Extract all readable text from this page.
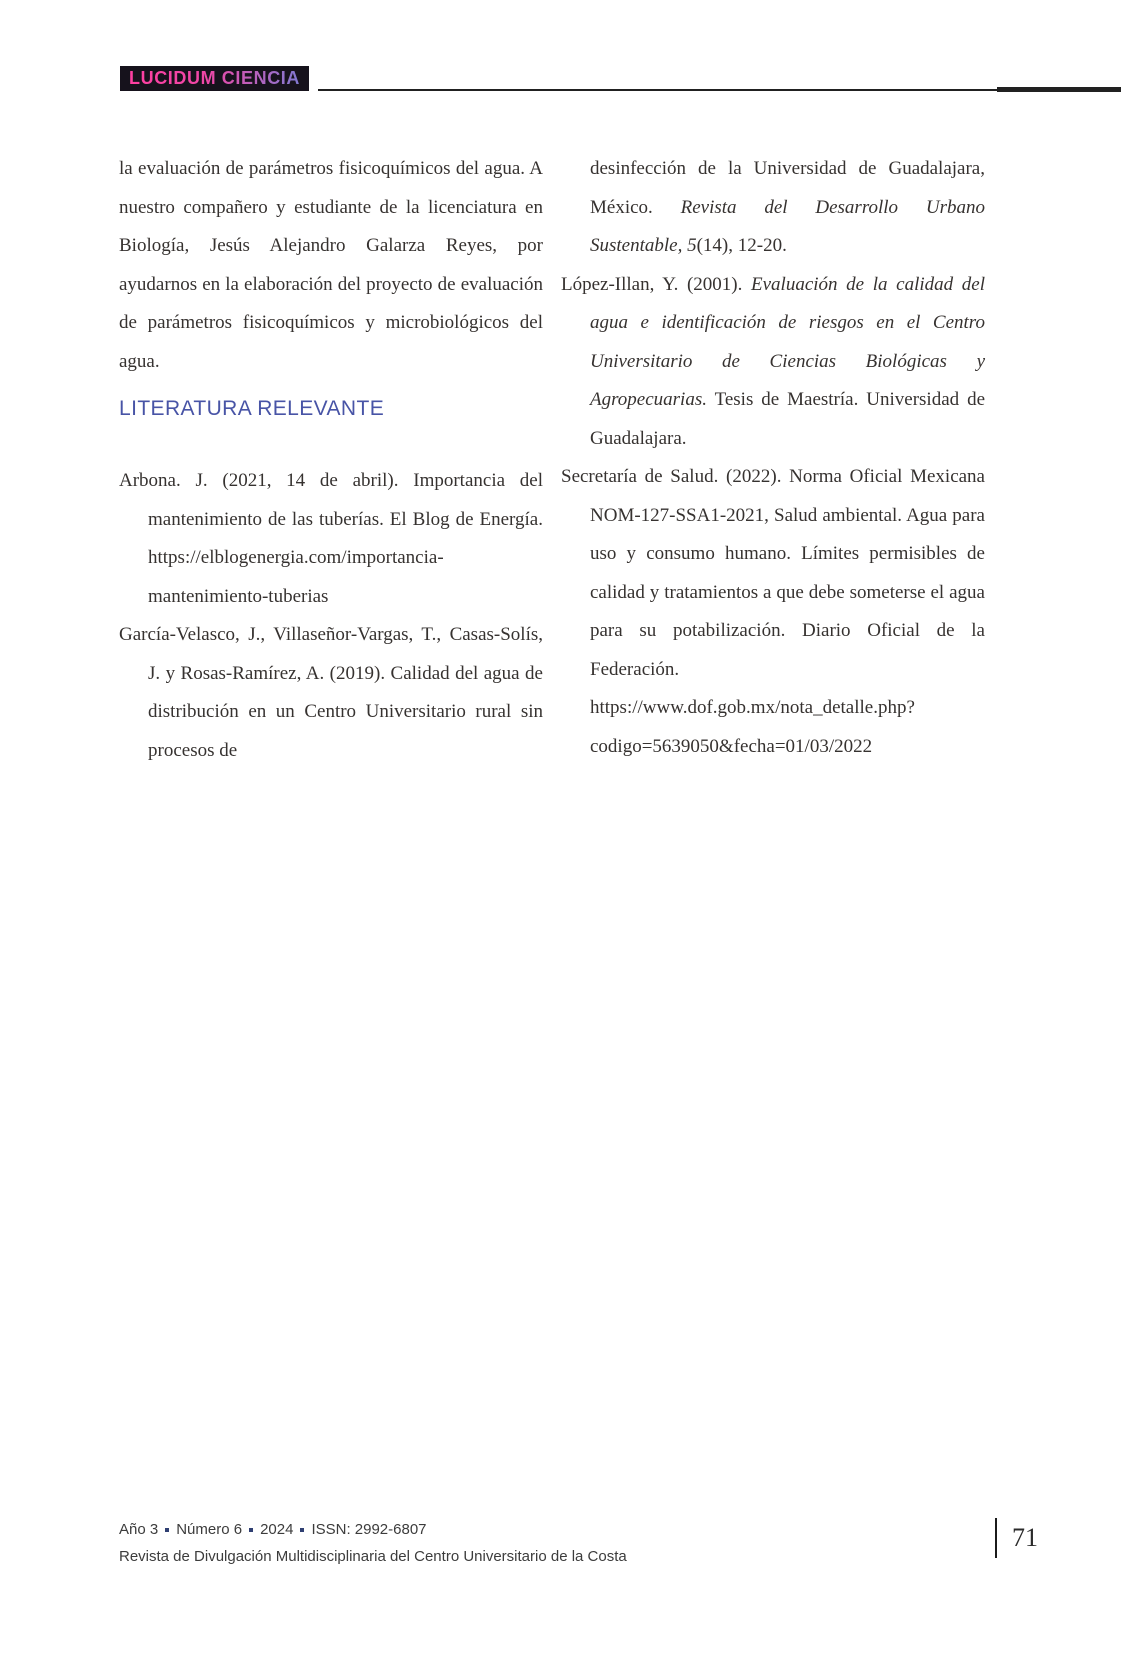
LUCIDUM CIENCIA

la evaluación de parámetros fisicoquímicos del agua. A nuestro compañero y estudiante de la licenciatura en Biología, Jesús Alejandro Galarza Reyes, por ayudarnos en la elaboración del proyecto de evaluación de parámetros fisicoquímicos y microbiológicos del agua.

LITERATURA RELEVANTE

Arbona. J. (2021, 14 de abril). Importancia del mantenimiento de las tuberías. El Blog de Energía. https://elblogenergia.com/importancia-mantenimiento-tuberias

García-Velasco, J., Villaseñor-Vargas, T., Casas-Solís, J. y Rosas-Ramírez, A. (2019). Calidad del agua de distribución en un Centro Universitario rural sin procesos de

desinfección de la Universidad de Guadalajara, México. Revista del Desarrollo Urbano Sustentable, 5(14), 12-20.

López-Illan, Y. (2001). Evaluación de la calidad del agua e identificación de riesgos en el Centro Universitario de Ciencias Biológicas y Agropecuarias. Tesis de Maestría. Universidad de Guadalajara.

Secretaría de Salud. (2022). Norma Oficial Mexicana NOM-127-SSA1-2021, Salud ambiental. Agua para uso y consumo humano. Límites permisibles de calidad y tratamientos a que debe someterse el agua para su potabilización. Diario Oficial de la Federación. https://www.dof.gob.mx/nota_detalle.php?codigo=5639050&fecha=01/03/2022

Año 3 Número 6 2024 ISSN: 2992-6807
Revista de Divulgación Multidisciplinaria del Centro Universitario de la Costa
71
